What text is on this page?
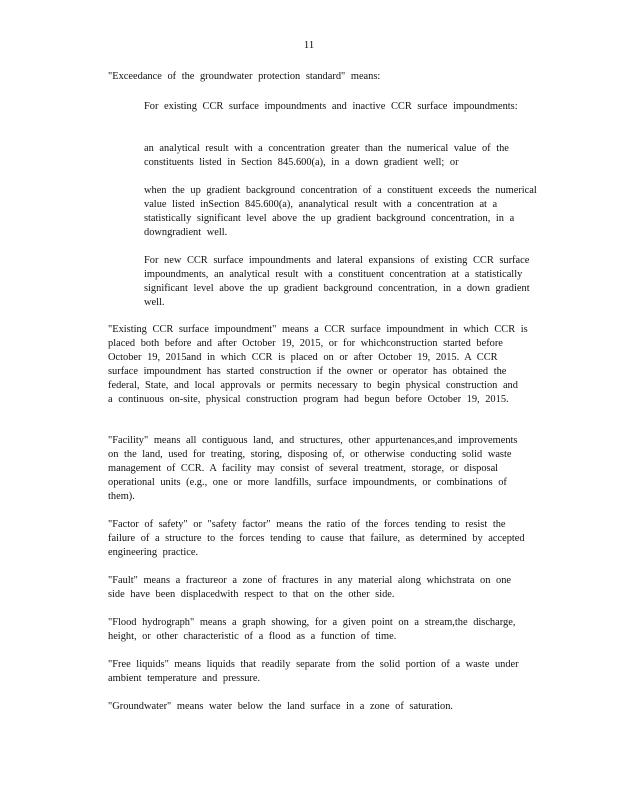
11

"Exceedance of the groundwater protection standard" means:

For existing CCR surface impoundments and inactive CCR surface impoundments:

an analytical result with a concentration greater than the numerical value of the constituents listed in Section 845.600(a), in a down gradient well; or

when the up gradient background concentration of a constituent exceeds the numerical value listed inSection 845.600(a), ananalytical result with a concentration at a statistically significant level above the up gradient background concentration, in a downgradient well.

For new CCR surface impoundments and lateral expansions of existing CCR surface impoundments, an analytical result with a constituent concentration at a statistically significant level above the up gradient background concentration, in a down gradient well.

"Existing CCR surface impoundment" means a CCR surface impoundment in which CCR is placed both before and after October 19, 2015, or for whichconstruction started before October 19, 2015and in which CCR is placed on or after October 19, 2015. A CCR surface impoundment has started construction if the owner or operator has obtained the federal, State, and local approvals or permits necessary to begin physical construction and a continuous on-site, physical construction program had begun before October 19, 2015.

"Facility" means all contiguous land, and structures, other appurtenances,and improvements on the land, used for treating, storing, disposing of, or otherwise conducting solid waste management of CCR. A facility may consist of several treatment, storage, or disposal operational units (e.g., one or more landfills, surface impoundments, or combinations of them).

"Factor of safety" or "safety factor" means the ratio of the forces tending to resist the failure of a structure to the forces tending to cause that failure, as determined by accepted engineering practice.

"Fault" means a fractureor a zone of fractures in any material along whichstrata on one side have been displacedwith respect to that on the other side.

"Flood hydrograph" means a graph showing, for a given point on a stream,the discharge, height, or other characteristic of a flood as a function of time.

"Free liquids" means liquids that readily separate from the solid portion of a waste under ambient temperature and pressure.

"Groundwater" means water below the land surface in a zone of saturation.
